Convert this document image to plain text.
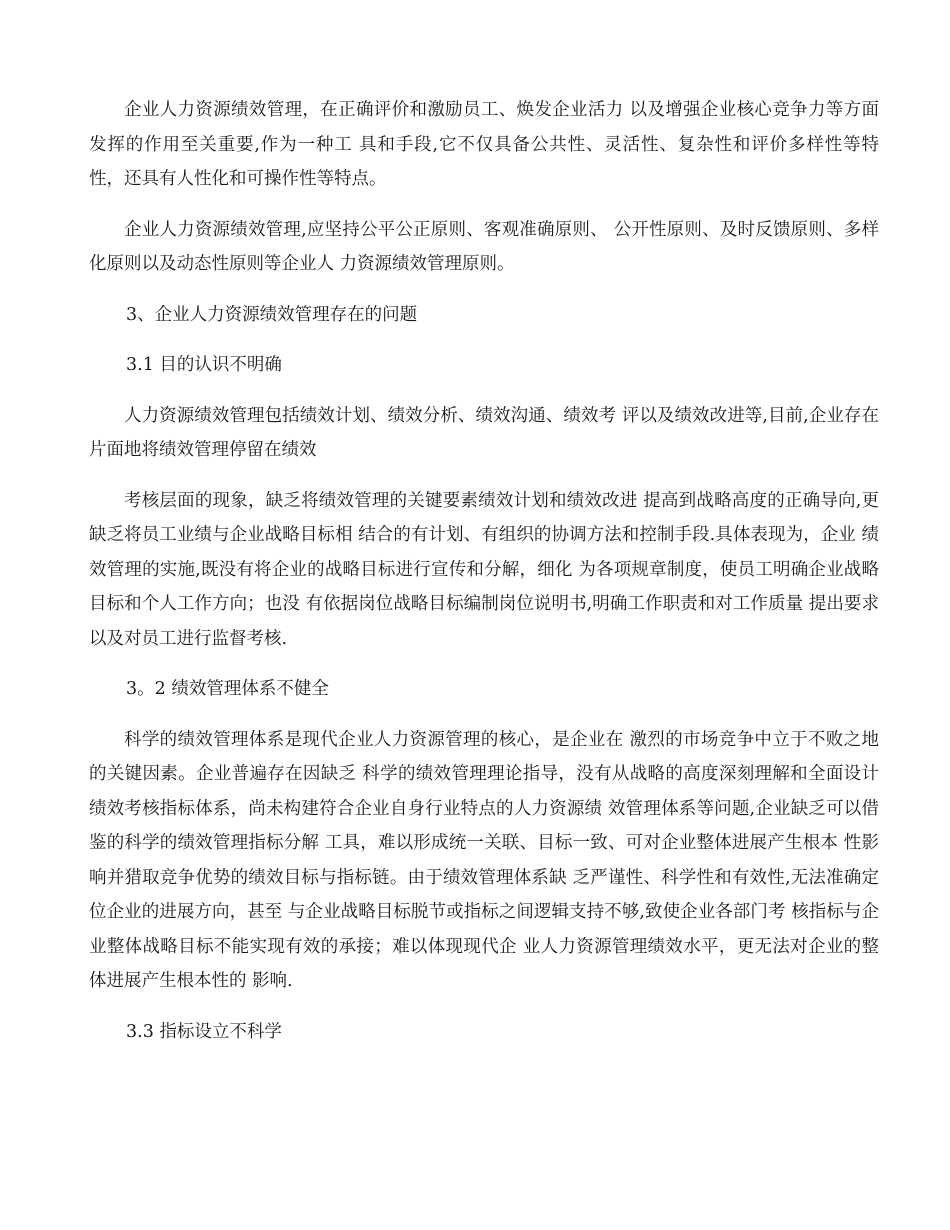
企业人力资源绩效管理，在正确评价和激励员工、焕发企业活力 以及增强企业核心竞争力等方面发挥的作用至关重要,作为一种工 具和手段,它不仅具备公共性、灵活性、复杂性和评价多样性等特 性，还具有人性化和可操作性等特点。

企业人力资源绩效管理,应坚持公平公正原则、客观准确原则、 公开性原则、及时反馈原则、多样化原则以及动态性原则等企业人 力资源绩效管理原则。

3、企业人力资源绩效管理存在的问题

3.1 目的认识不明确

人力资源绩效管理包括绩效计划、绩效分析、绩效沟通、绩效考 评以及绩效改进等,目前,企业存在片面地将绩效管理停留在绩效

考核层面的现象，缺乏将绩效管理的关键要素绩效计划和绩效改进 提高到战略高度的正确导向,更缺乏将员工业绩与企业战略目标相 结合的有计划、有组织的协调方法和控制手段.具体表现为，企业 绩效管理的实施,既没有将企业的战略目标进行宣传和分解，细化 为各项规章制度，使员工明确企业战略目标和个人工作方向；也没 有依据岗位战略目标编制岗位说明书,明确工作职责和对工作质量 提出要求以及对员工进行监督考核.

3。2 绩效管理体系不健全

科学的绩效管理体系是现代企业人力资源管理的核心，是企业在 激烈的市场竞争中立于不败之地的关键因素。企业普遍存在因缺乏 科学的绩效管理理论指导，没有从战略的高度深刻理解和全面设计 绩效考核指标体系，尚未构建符合企业自身行业特点的人力资源绩 效管理体系等问题,企业缺乏可以借鉴的科学的绩效管理指标分解 工具，难以形成统一关联、目标一致、可对企业整体进展产生根本 性影响并猎取竞争优势的绩效目标与指标链。由于绩效管理体系缺 乏严谨性、科学性和有效性,无法准确定位企业的进展方向，甚至 与企业战略目标脱节或指标之间逻辑支持不够,致使企业各部门考 核指标与企业整体战略目标不能实现有效的承接；难以体现现代企 业人力资源管理绩效水平，更无法对企业的整体进展产生根本性的 影响.

3.3 指标设立不科学
